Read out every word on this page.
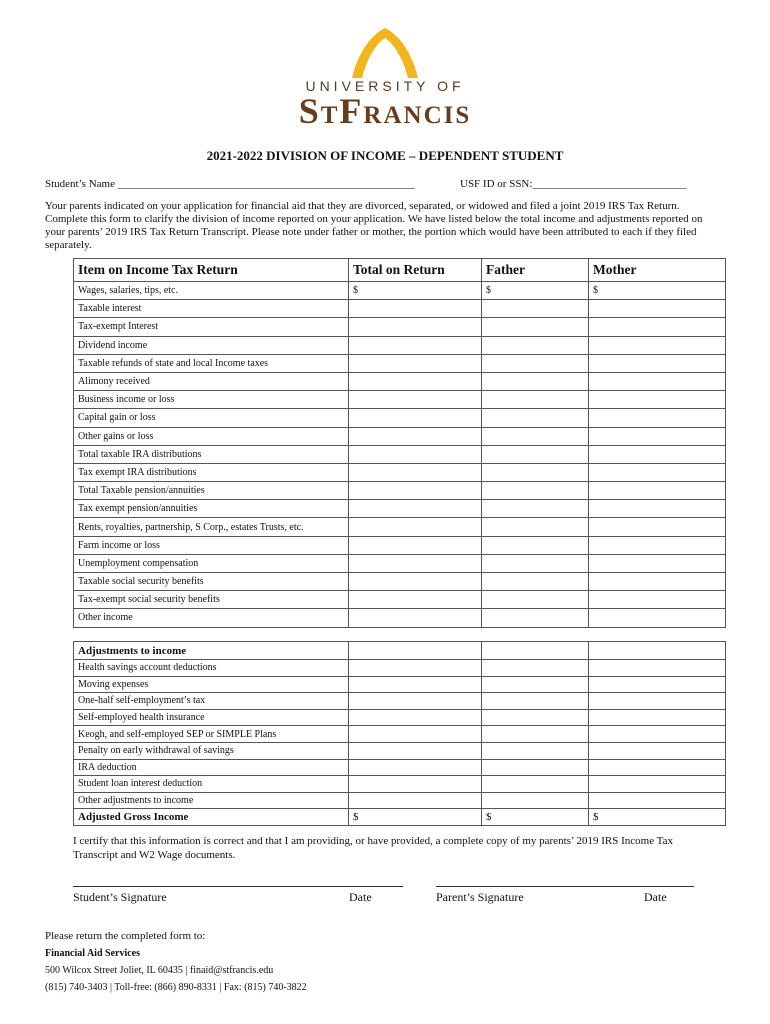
UNIVERSITY OF
StFrancis
2021-2022 DIVISION OF INCOME – DEPENDENT STUDENT
Student’s Name ______________________________________________________	USF ID or SSN:____________________________
Your parents indicated on your application for financial aid that they are divorced, separated, or widowed and filed a joint 2019 IRS Tax Return. Complete this form to clarify the division of income reported on your application. We have listed below the total income and adjustments reported on your parents’ 2019 IRS Tax Return Transcript. Please note under father or mother, the portion which would have been attributed to each if they filed separately.
Item on Income Tax Return	Total on Return	Father	Mother
Wages, salaries, tips, etc.	$	$	$
Taxable interest			
Tax-exempt Interest			
Dividend income			
Taxable refunds of state and local Income taxes			
Alimony received			
Business income or loss			
Capital gain or loss			
Other gains or loss			
Total taxable IRA distributions			
Tax exempt IRA distributions			
Total Taxable pension/annuities			
Tax exempt pension/annuities			
Rents, royalties, partnership, S Corp., estates Trusts, etc.			
Farm income or loss			
Unemployment compensation			
Taxable social security benefits			
Tax-exempt social security benefits			
Other income			
Adjustments to income			
Health savings account deductions			
Moving expenses			
One-half self-employment’s tax			
Self-employed health insurance			
Keogh, and self-employed SEP or SIMPLE Plans			
Penalty on early withdrawal of savings			
IRA deduction			
Student loan interest deduction			
Other adjustments to income			
Adjusted Gross Income	$	$	$
I certify that this information is correct and that I am providing, or have provided, a complete copy of my parents’ 2019 IRS Income Tax Transcript and W2 Wage documents.
Student’s Signature	Date	Parent’s Signature	Date
Please return the completed form to:
Financial Aid Services
500 Wilcox Street Joliet, IL 60435 | finaid@stfrancis.edu
(815) 740-3403 | Toll-free: (866) 890-8331 | Fax: (815) 740-3822
